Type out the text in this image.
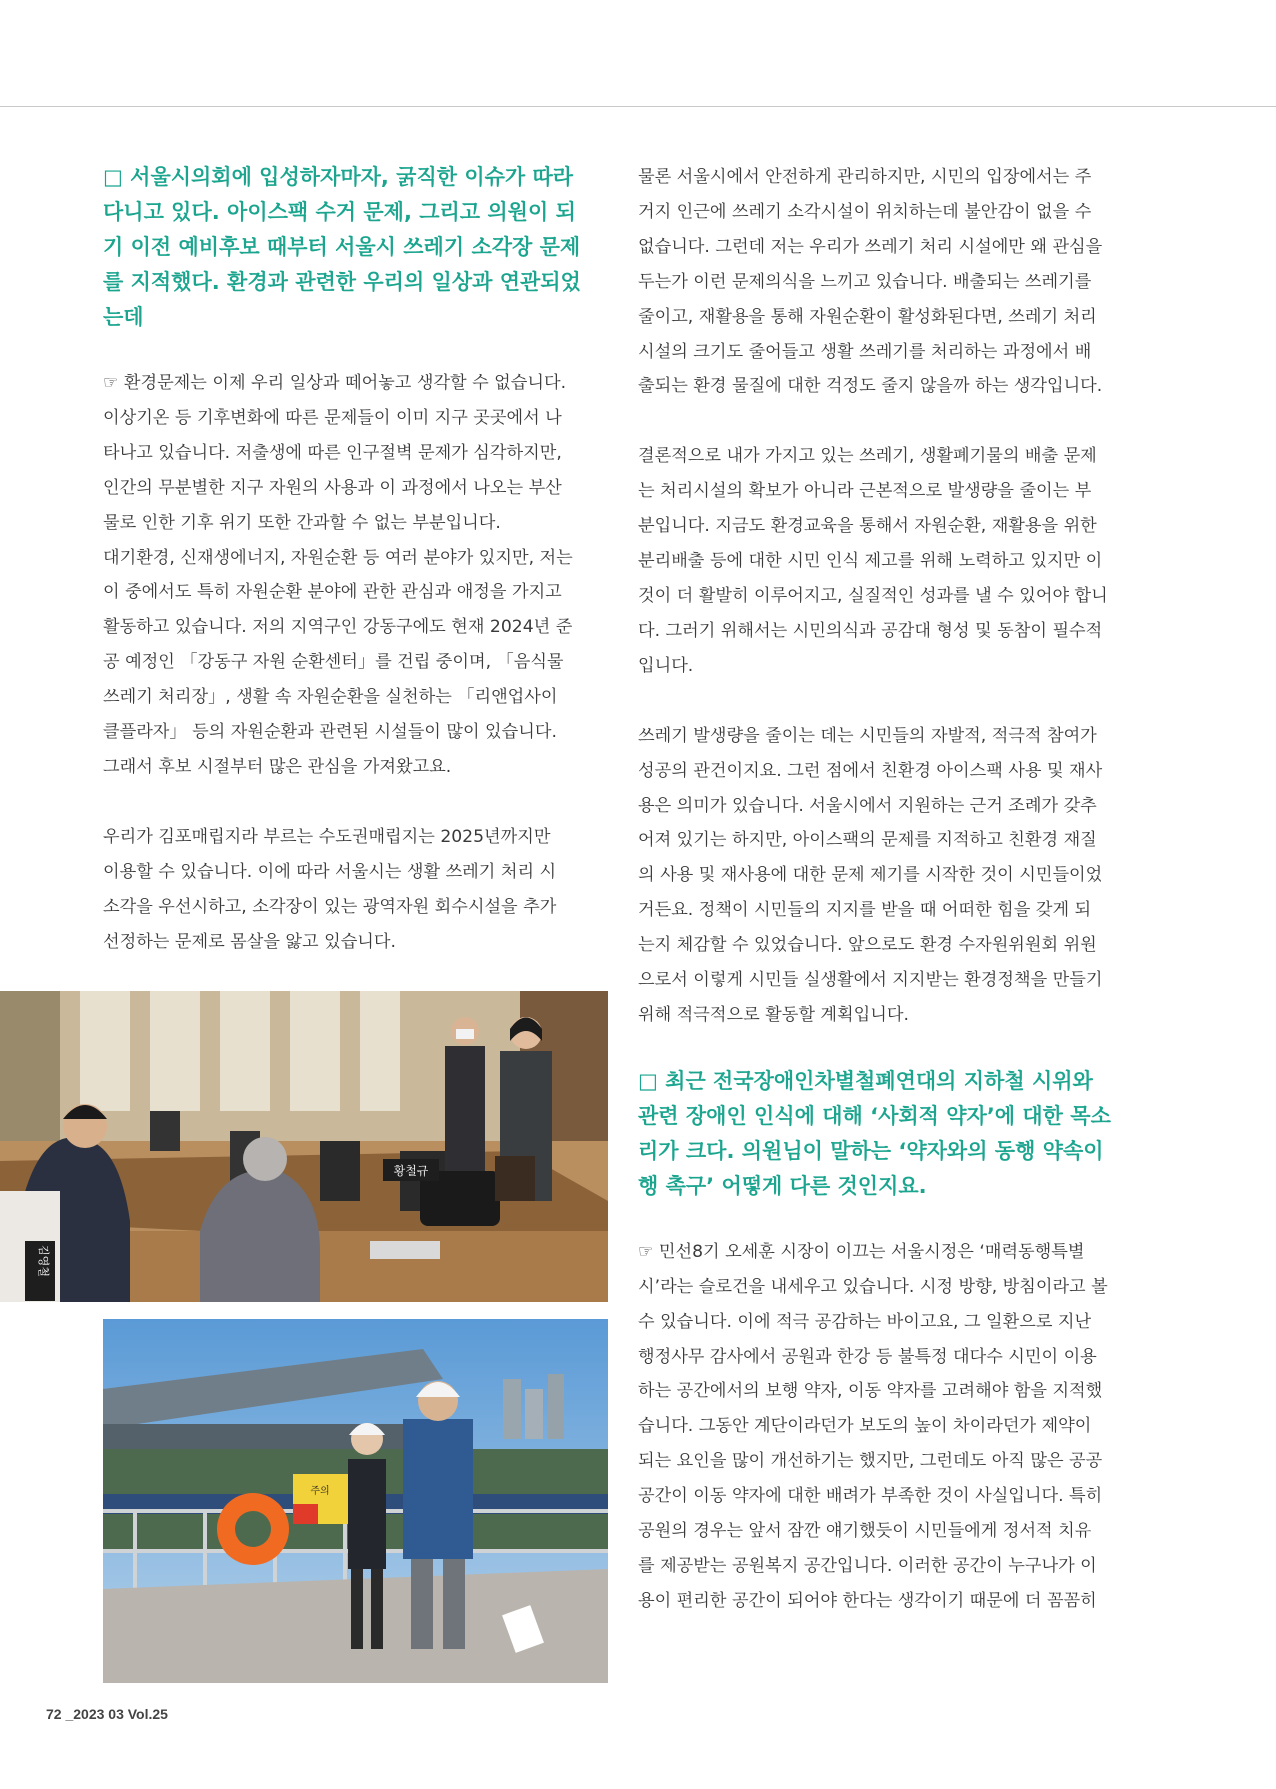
□ 서울시의회에 입성하자마자, 굵직한 이슈가 따라
다니고 있다. 아이스팩 수거 문제, 그리고 의원이 되
기 이전 예비후보 때부터 서울시 쓰레기 소각장 문제
를 지적했다. 환경과 관련한 우리의 일상과 연관되었
는데

☞ 환경문제는 이제 우리 일상과 떼어놓고 생각할 수 없습니다.
이상기온 등 기후변화에 따른 문제들이 이미 지구 곳곳에서 나
타나고 있습니다. 저출생에 따른 인구절벽 문제가 심각하지만,
인간의 무분별한 지구 자원의 사용과 이 과정에서 나오는 부산
물로 인한 기후 위기 또한 간과할 수 없는 부분입니다.
대기환경, 신재생에너지, 자원순환 등 여러 분야가 있지만, 저는
이 중에서도 특히 자원순환 분야에 관한 관심과 애정을 가지고
활동하고 있습니다. 저의 지역구인 강동구에도 현재 2024년 준
공 예정인 「강동구 자원 순환센터」를 건립 중이며, 「음식물
쓰레기 처리장」, 생활 속 자원순환을 실천하는 「리앤업사이
클플라자」 등의 자원순환과 관련된 시설들이 많이 있습니다.
그래서 후보 시절부터 많은 관심을 가져왔고요.

우리가 김포매립지라 부르는 수도권매립지는 2025년까지만
이용할 수 있습니다. 이에 따라 서울시는 생활 쓰레기 처리 시
소각을 우선시하고, 소각장이 있는 광역자원 회수시설을 추가
선정하는 문제로 몸살을 앓고 있습니다.

김영철
황철규
주의

물론 서울시에서 안전하게 관리하지만, 시민의 입장에서는 주
거지 인근에 쓰레기 소각시설이 위치하는데 불안감이 없을 수
없습니다. 그런데 저는 우리가 쓰레기 처리 시설에만 왜 관심을
두는가 이런 문제의식을 느끼고 있습니다. 배출되는 쓰레기를
줄이고, 재활용을 통해 자원순환이 활성화된다면, 쓰레기 처리
시설의 크기도 줄어들고 생활 쓰레기를 처리하는 과정에서 배
출되는 환경 물질에 대한 걱정도 줄지 않을까 하는 생각입니다.

결론적으로 내가 가지고 있는 쓰레기, 생활폐기물의 배출 문제
는 처리시설의 확보가 아니라 근본적으로 발생량을 줄이는 부
분입니다. 지금도 환경교육을 통해서 자원순환, 재활용을 위한
분리배출 등에 대한 시민 인식 제고를 위해 노력하고 있지만 이
것이 더 활발히 이루어지고, 실질적인 성과를 낼 수 있어야 합니
다. 그러기 위해서는 시민의식과 공감대 형성 및 동참이 필수적
입니다.

쓰레기 발생량을 줄이는 데는 시민들의 자발적, 적극적 참여가
성공의 관건이지요. 그런 점에서 친환경 아이스팩 사용 및 재사
용은 의미가 있습니다. 서울시에서 지원하는 근거 조례가 갖추
어져 있기는 하지만, 아이스팩의 문제를 지적하고 친환경 재질
의 사용 및 재사용에 대한 문제 제기를 시작한 것이 시민들이었
거든요. 정책이 시민들의 지지를 받을 때 어떠한 힘을 갖게 되
는지 체감할 수 있었습니다. 앞으로도 환경 수자원위원회 위원
으로서 이렇게 시민들 실생활에서 지지받는 환경정책을 만들기
위해 적극적으로 활동할 계획입니다.

□ 최근 전국장애인차별철폐연대의 지하철 시위와
관련 장애인 인식에 대해 ‘사회적 약자’에 대한 목소
리가 크다. 의원님이 말하는 ‘약자와의 동행 약속이
행 촉구’ 어떻게 다른 것인지요.

☞ 민선8기 오세훈 시장이 이끄는 서울시정은 ‘매력동행특별
시’라는 슬로건을 내세우고 있습니다. 시정 방향, 방침이라고 볼
수 있습니다. 이에 적극 공감하는 바이고요, 그 일환으로 지난
행정사무 감사에서 공원과 한강 등 불특정 대다수 시민이 이용
하는 공간에서의 보행 약자, 이동 약자를 고려해야 함을 지적했
습니다. 그동안 계단이라던가 보도의 높이 차이라던가 제약이
되는 요인을 많이 개선하기는 했지만, 그런데도 아직 많은 공공
공간이 이동 약자에 대한 배려가 부족한 것이 사실입니다. 특히
공원의 경우는 앞서 잠깐 얘기했듯이 시민들에게 정서적 치유
를 제공받는 공원복지 공간입니다. 이러한 공간이 누구나가 이
용이 편리한 공간이 되어야 한다는 생각이기 때문에 더 꼼꼼히

72 _2023 03 Vol.25
